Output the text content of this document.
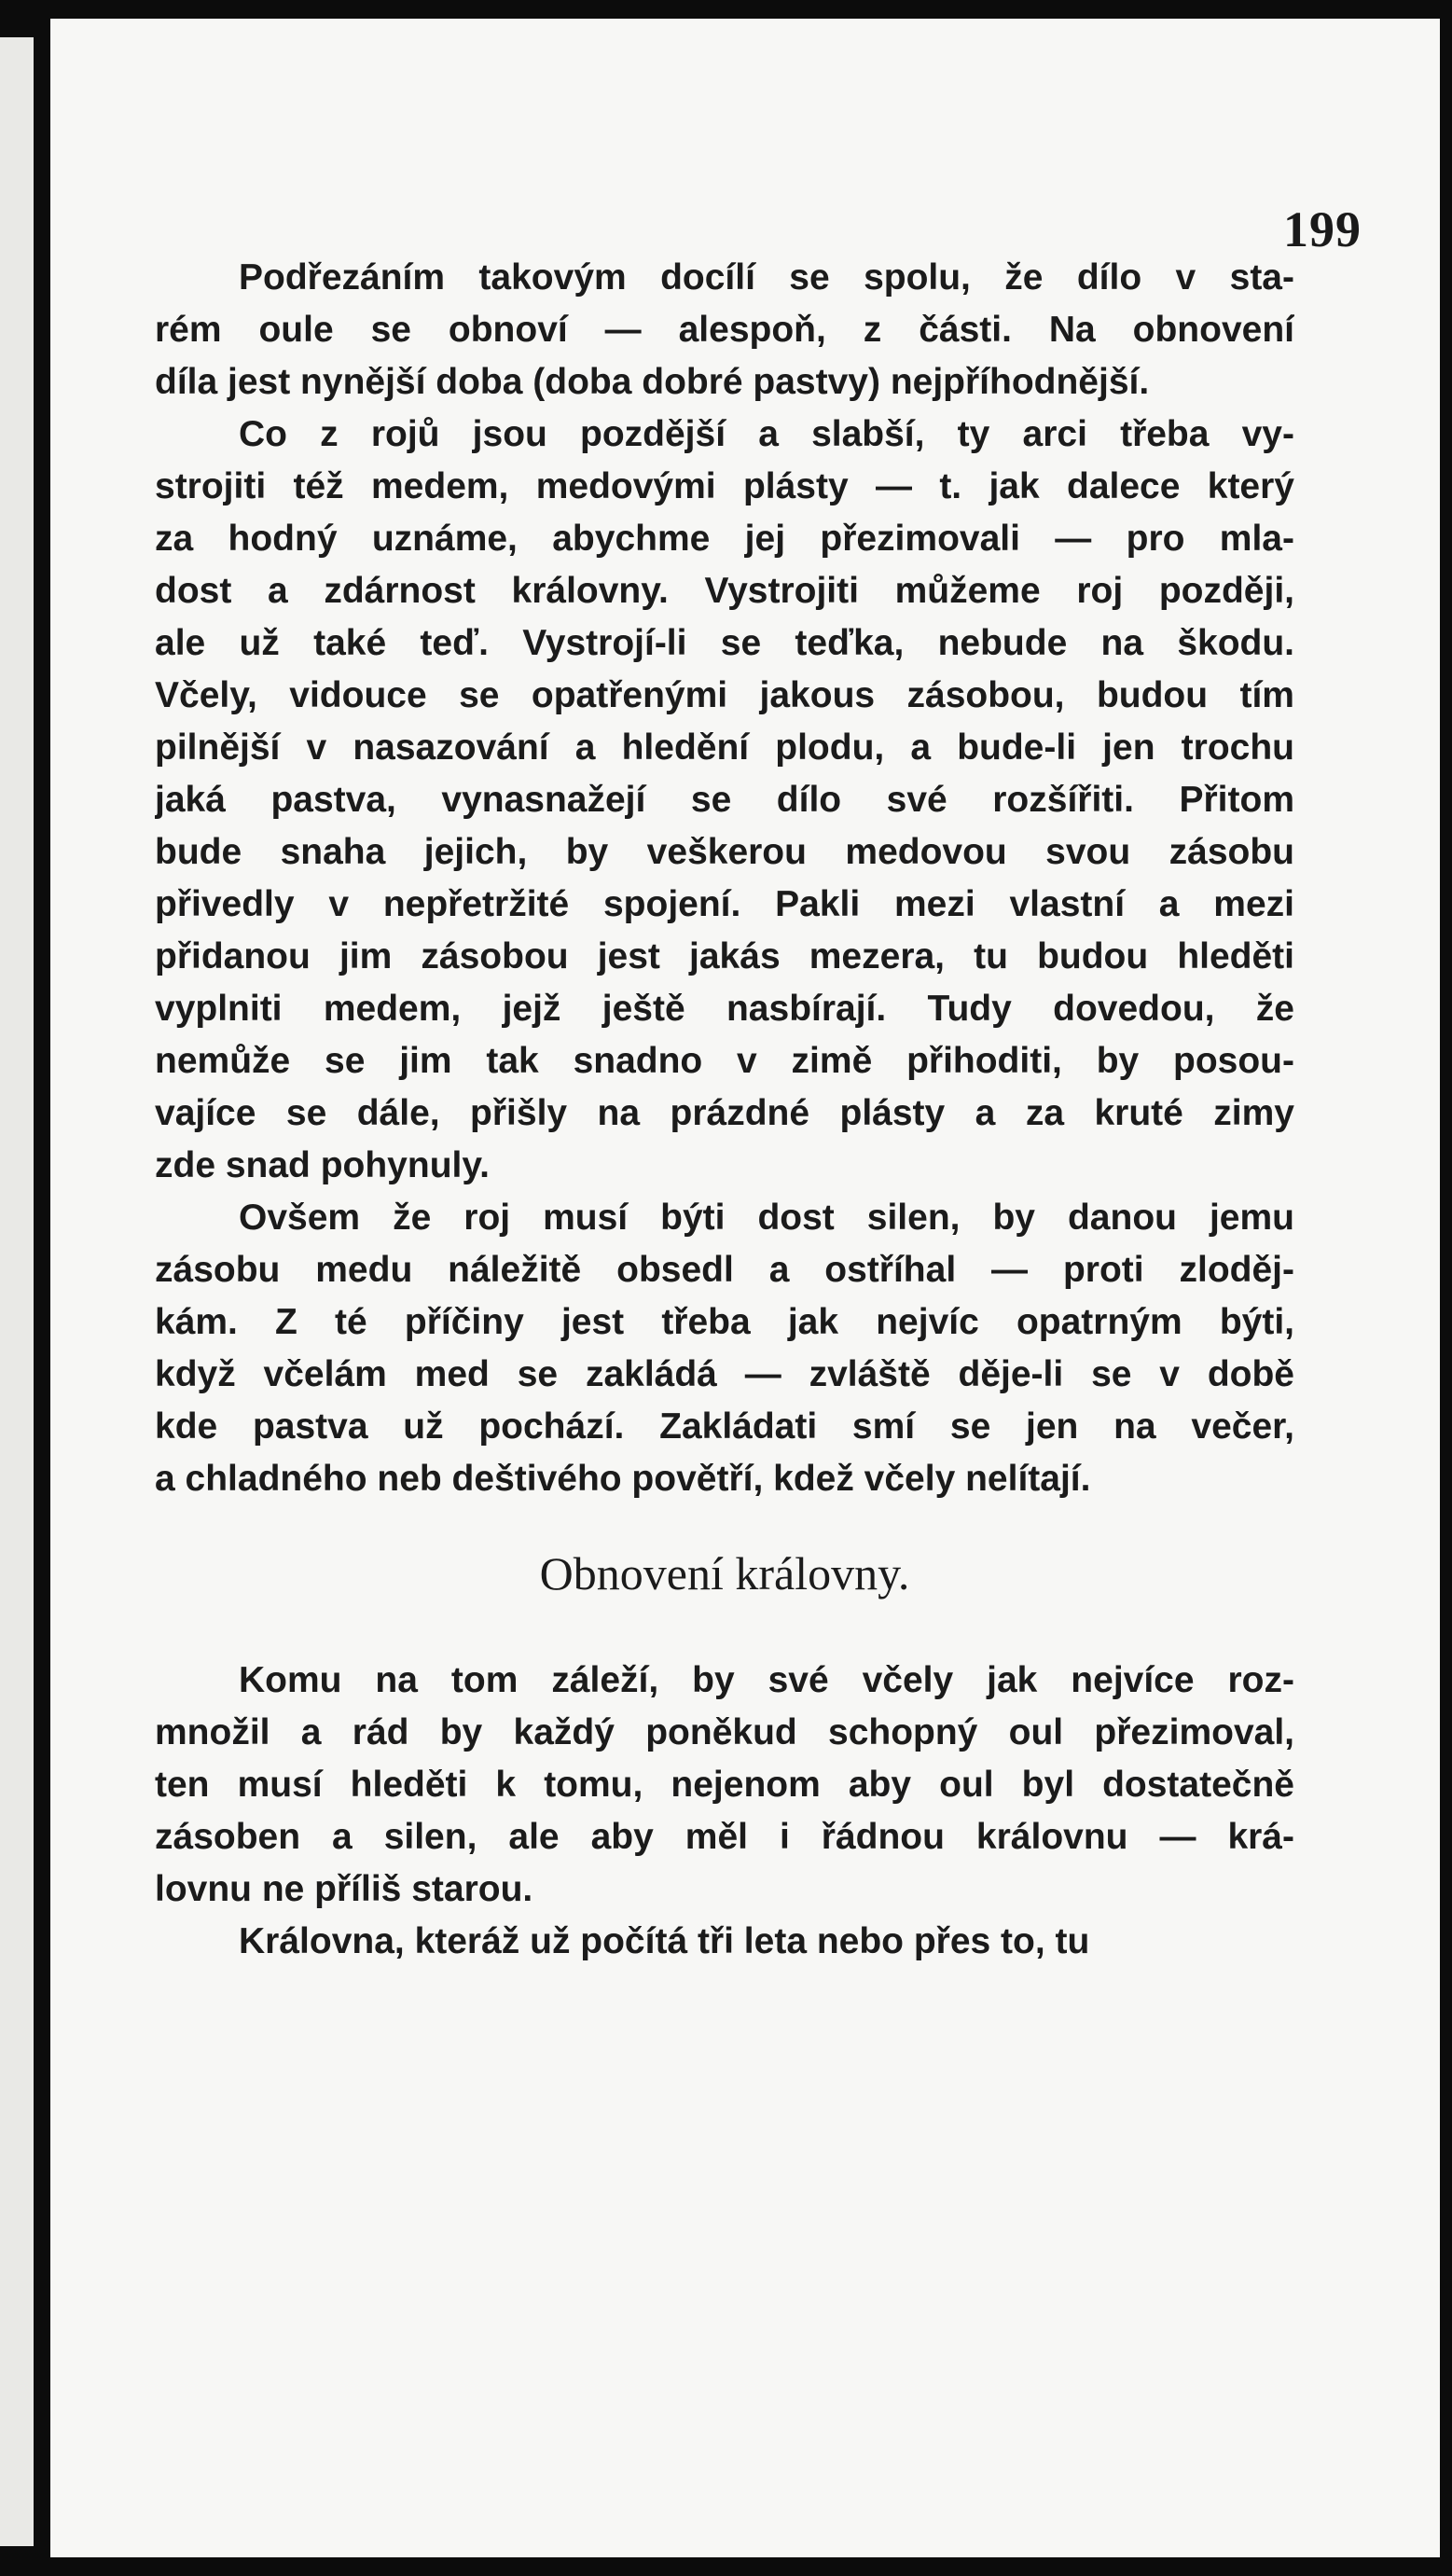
199
Podřezáním takovým docílí se spolu, že dílo v sta-
rém oule se obnoví — alespoň, z části. Na obnovení
díla jest nynější doba (doba dobré pastvy) nejpříhodnější.
Co z rojů jsou pozdější a slabší, ty arci třeba vy-
strojiti též medem, medovými plásty — t. jak dalece který
za hodný uznáme, abychme jej přezimovali — pro mla-
dost a zdárnost královny. Vystrojiti můžeme roj později,
ale už také teď. Vystrojí-li se teďka, nebude na škodu.
Včely, vidouce se opatřenými jakous zásobou, budou tím
pilnější v nasazování a hledění plodu, a bude-li jen trochu
jaká pastva, vynasnažejí se dílo své rozšířiti. Přitom
bude snaha jejich, by veškerou medovou svou zásobu
přivedly v nepřetržité spojení. Pakli mezi vlastní a mezi
přidanou jim zásobou jest jakás mezera, tu budou hleděti
vyplniti medem, jejž ještě nasbírají. Tudy dovedou, že
nemůže se jim tak snadno v zimě přihoditi, by posou-
vajíce se dále, přišly na prázdné plásty a za kruté zimy
zde snad pohynuly.
Ovšem že roj musí býti dost silen, by danou jemu
zásobu medu náležitě obsedl a ostříhal — proti zloděj-
kám. Z té příčiny jest třeba jak nejvíc opatrným býti,
když včelám med se zakládá — zvláště děje-li se v době
kde pastva už pochází. Zakládati smí se jen na večer,
a chladného neb deštivého povětří, kdež včely nelítají.
Obnovení královny.
Komu na tom záleží, by své včely jak nejvíce roz-
množil a rád by každý poněkud schopný oul přezimoval,
ten musí hleděti k tomu, nejenom aby oul byl dostatečně
zásoben a silen, ale aby měl i řádnou královnu — krá-
lovnu ne příliš starou.
Královna, kteráž už počítá tři leta nebo přes to, tu
